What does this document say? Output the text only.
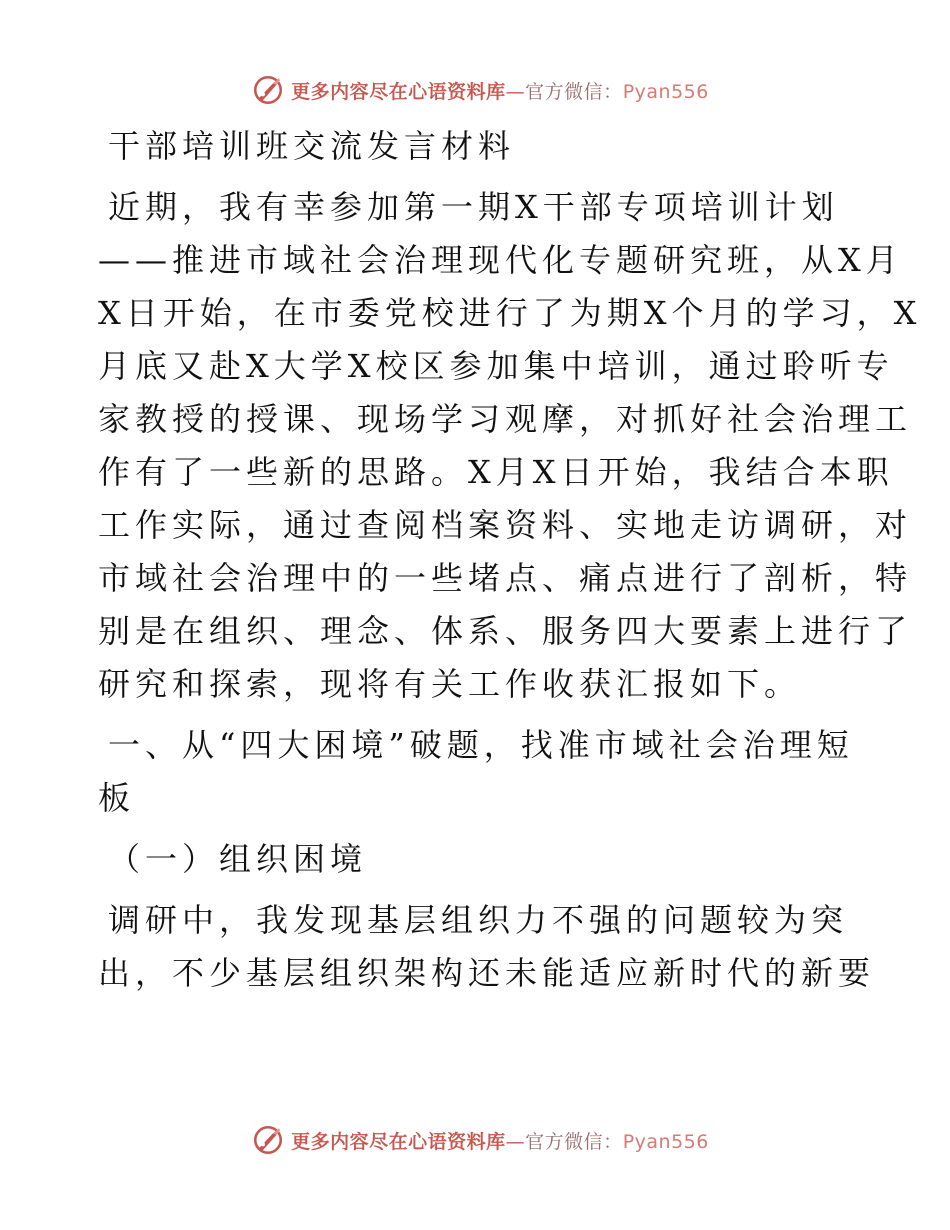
更多内容尽在心语资料库—官方微信：Pyan556
干部培训班交流发言材料
近期，我有幸参加第一期X干部专项培训计划
——推进市域社会治理现代化专题研究班，从X月
X日开始，在市委党校进行了为期X个月的学习，X
月底又赴X大学X校区参加集中培训，通过聆听专
家教授的授课、现场学习观摩，对抓好社会治理工
作有了一些新的思路。X月X日开始，我结合本职
工作实际，通过查阅档案资料、实地走访调研，对
市域社会治理中的一些堵点、痛点进行了剖析，特
别是在组织、理念、体系、服务四大要素上进行了
研究和探索，现将有关工作收获汇报如下。
一、从“四大困境”破题，找准市域社会治理短
板
（一）组织困境
调研中，我发现基层组织力不强的问题较为突
出，不少基层组织架构还未能适应新时代的新要
更多内容尽在心语资料库—官方微信：Pyan556
